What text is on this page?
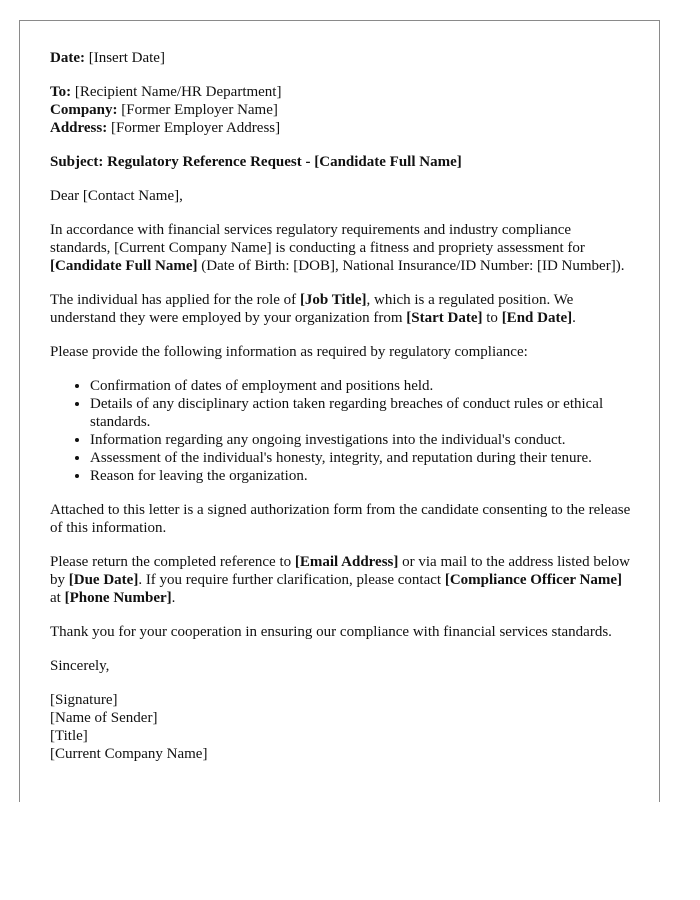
Date: [Insert Date]

To: [Recipient Name/HR Department]

Company: [Former Employer Name]

Address: [Former Employer Address]

Subject: Regulatory Reference Request - [Candidate Full Name]

Dear [Contact Name],

In accordance with financial services regulatory requirements and industry compliance standards, [Current Company Name] is conducting a fitness and propriety assessment for [Candidate Full Name] (Date of Birth: [DOB], National Insurance/ID Number: [ID Number]).

The individual has applied for the role of [Job Title], which is a regulated position. We understand they were employed by your organization from [Start Date] to [End Date].

Please provide the following information as required by regulatory compliance:

• Confirmation of dates of employment and positions held.
• Details of any disciplinary action taken regarding breaches of conduct rules or ethical standards.
• Information regarding any ongoing investigations into the individual's conduct.
• Assessment of the individual's honesty, integrity, and reputation during their tenure.
• Reason for leaving the organization.

Attached to this letter is a signed authorization form from the candidate consenting to the release of this information.

Please return the completed reference to [Email Address] or via mail to the address listed below by [Due Date]. If you require further clarification, please contact [Compliance Officer Name] at [Phone Number].

Thank you for your cooperation in ensuring our compliance with financial services standards.

Sincerely,

[Signature]

[Name of Sender]

[Title]

[Current Company Name]
